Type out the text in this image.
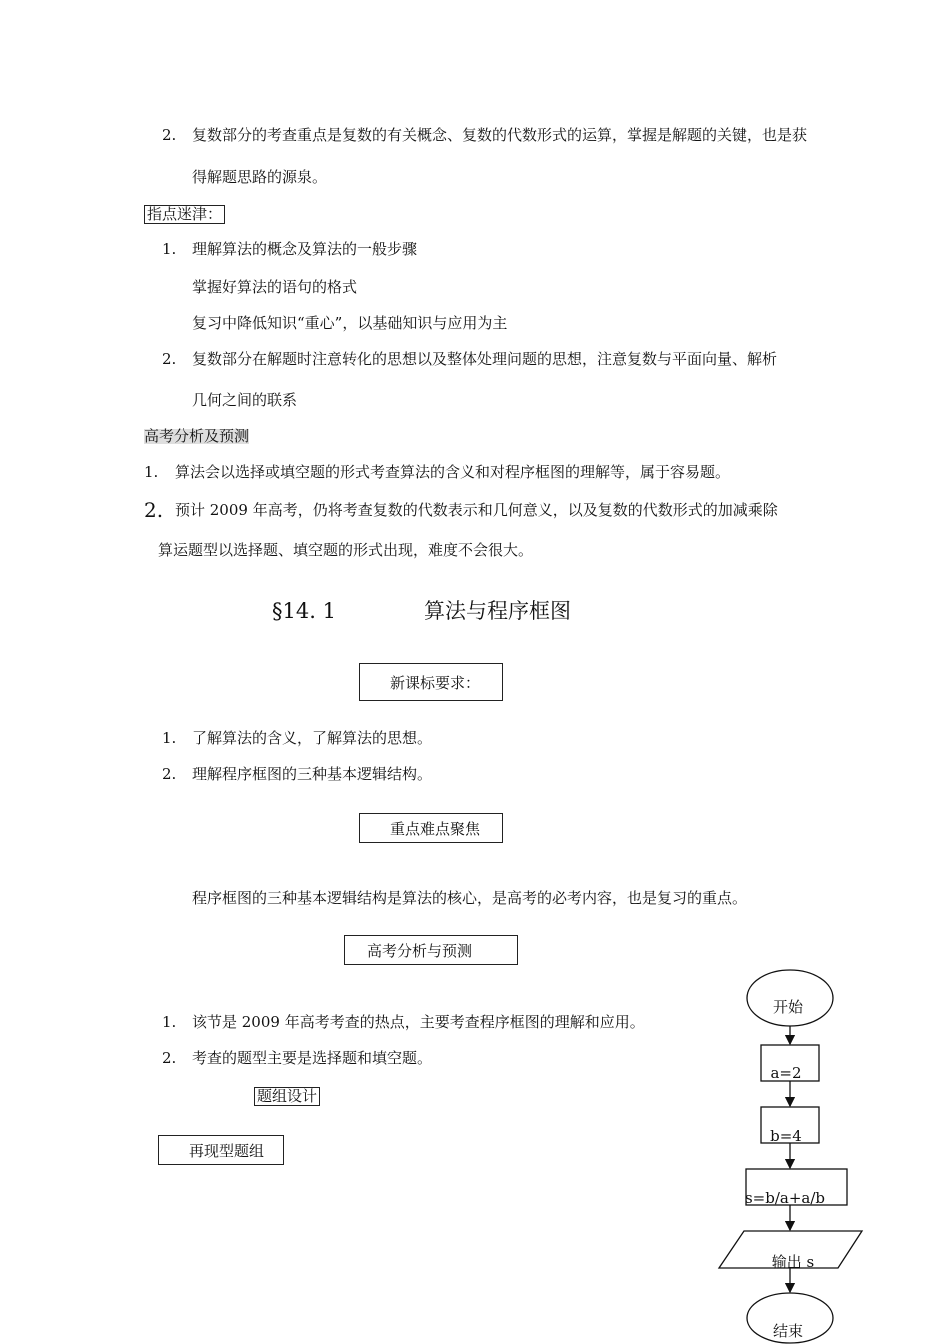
2. 复数部分的考查重点是复数的有关概念、复数的代数形式的运算，掌握是解题的关键，也是获
得解题思路的源泉。
指点迷津：
1. 理解算法的概念及算法的一般步骤
掌握好算法的语句的格式
复习中降低知识“重心”，以基础知识与应用为主
2. 复数部分在解题时注意转化的思想以及整体处理问题的思想，注意复数与平面向量、解析
几何之间的联系
高考分析及预测
1. 算法会以选择或填空题的形式考查算法的含义和对程序框图的理解等，属于容易题。
2. 预计 2009 年高考，仍将考查复数的代数表示和几何意义，以及复数的代数形式的加减乘除
算运题型以选择题、填空题的形式出现，难度不会很大。
§14. 1	算法与程序框图
新课标要求：
1. 了解算法的含义，了解算法的思想。
2. 理解程序框图的三种基本逻辑结构。
重点难点聚焦
程序框图的三种基本逻辑结构是算法的核心，是高考的必考内容，也是复习的重点。
高考分析与预测
1. 该节是 2009 年高考考查的热点，主要考查程序框图的理解和应用。
2. 考查的题型主要是选择题和填空题。
题组设计
再现型题组
开始
a=2
b=4
s=b/a+a/b
输出 s
结束
